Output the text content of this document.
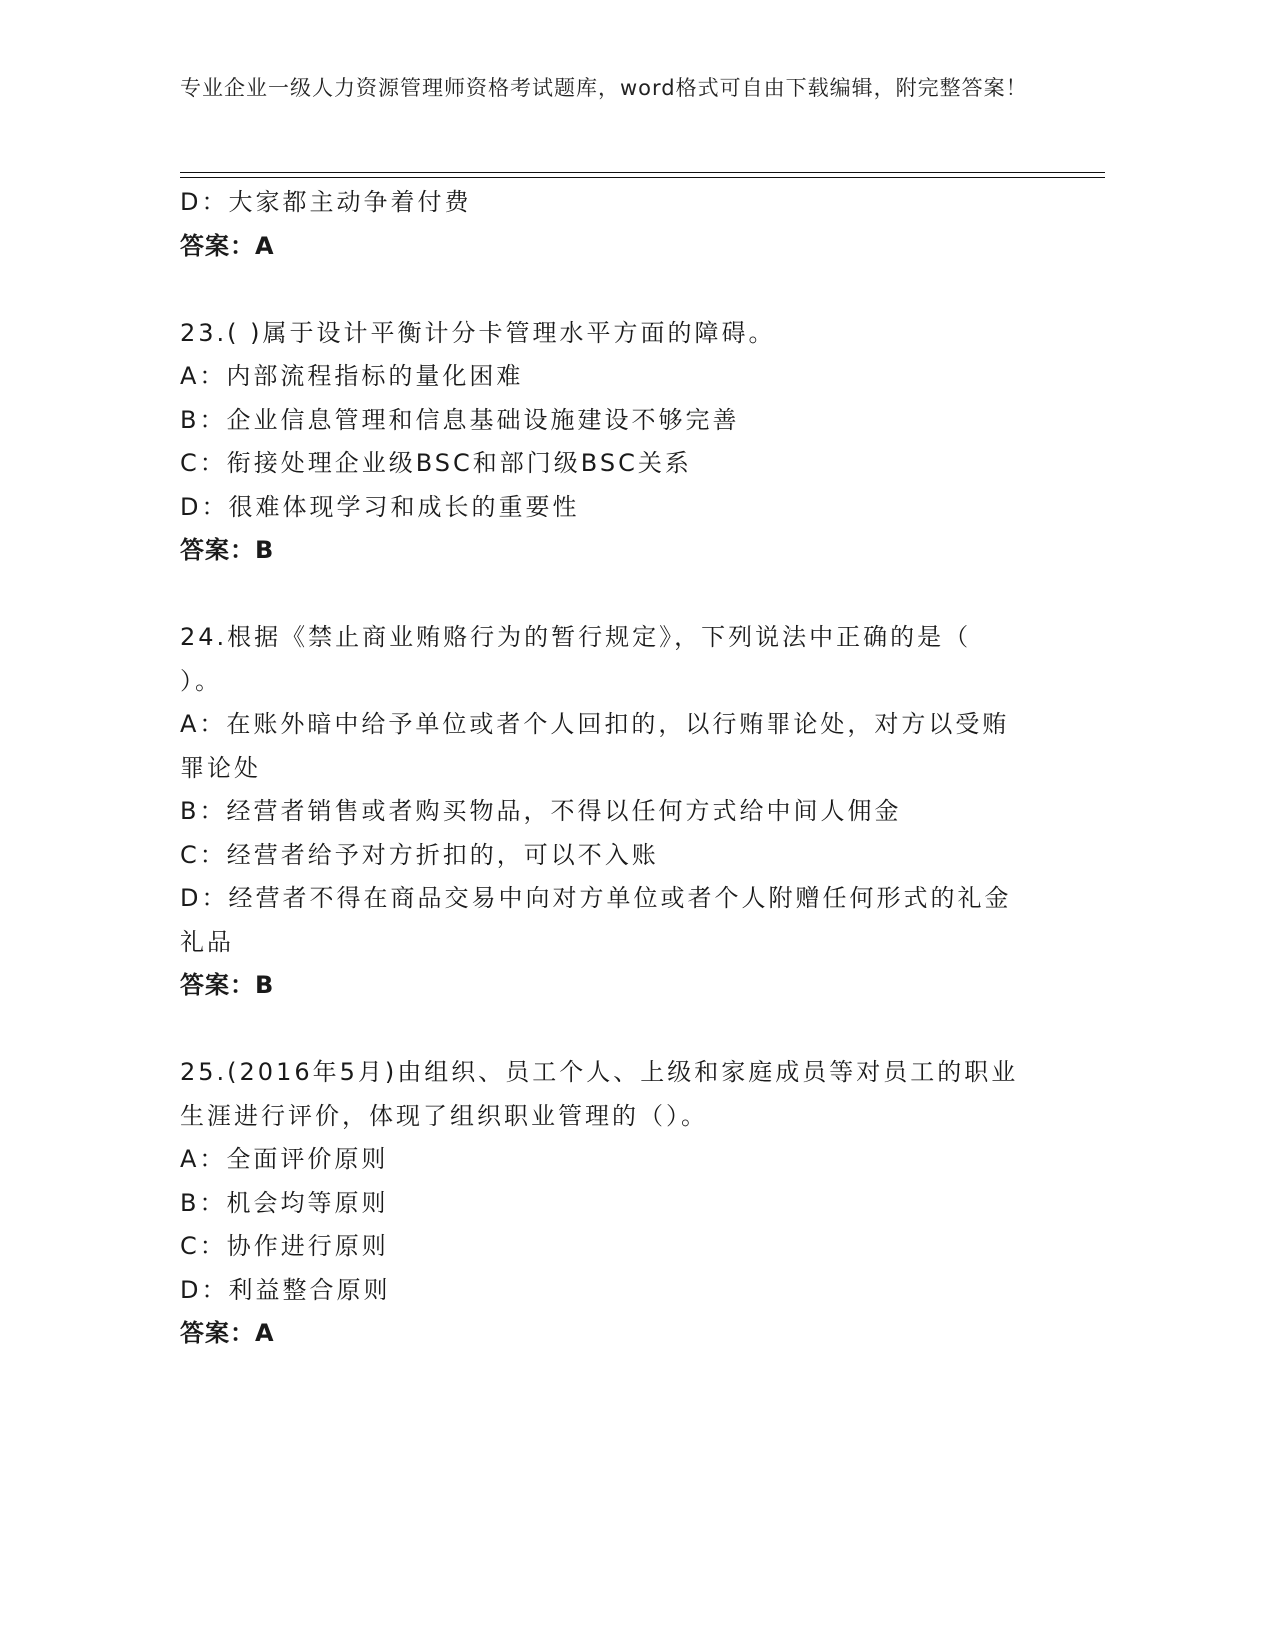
专业企业一级人力资源管理师资格考试题库，word格式可自由下载编辑，附完整答案！
D：大家都主动争着付费
答案：A
23.( )属于设计平衡计分卡管理水平方面的障碍。
A：内部流程指标的量化困难
B：企业信息管理和信息基础设施建设不够完善
C：衔接处理企业级BSC和部门级BSC关系
D：很难体现学习和成长的重要性
答案：B
24.根据《禁止商业贿赂行为的暂行规定》，下列说法中正确的是（
）。
A：在账外暗中给予单位或者个人回扣的，以行贿罪论处，对方以受贿
罪论处
B：经营者销售或者购买物品，不得以任何方式给中间人佣金
C：经营者给予对方折扣的，可以不入账
D：经营者不得在商品交易中向对方单位或者个人附赠任何形式的礼金
礼品
答案：B
25.(2016年5月)由组织、员工个人、上级和家庭成员等对员工的职业
生涯进行评价，体现了组织职业管理的（）。
A：全面评价原则
B：机会均等原则
C：协作进行原则
D：利益整合原则
答案：A
